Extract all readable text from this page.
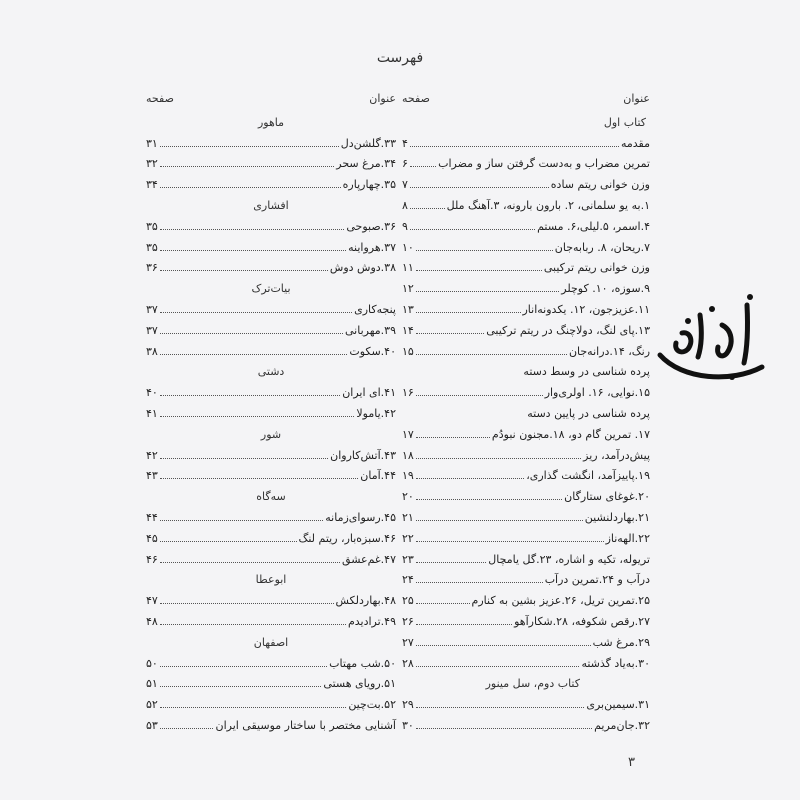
فهرست
عنوان
صفحه
کتاب اول
مقدمه
۴
تمرین مضراب و به‌دست گرفتن ساز و مضراب
۶
وزن خوانی ریتم ساده
۷
۱.به یو سلمانی، ۲. بارون بارونه، ۳.آهنگ ملل
۸
۴.اسمر، ۵.لیلی،۶. مستم
۹
۷.ریحان، ۸. ربابه‌جان
۱۰
وزن خوانی ریتم ترکیبی
۱۱
۹.سوزه، ۱۰. کوچلر
۱۲
۱۱.عزیزجون، ۱۲. یکدونه‌انار
۱۳
۱۳.پای لنگ، دولاچنگ در ریتم ترکیبی
۱۴
رنگ، ۱۴.درانه‌جان
۱۵
پرده شناسی در وسط دسته
۱۵.نوایی، ۱۶. اولری‌وار
۱۶
پرده شناسی در پایین دسته
۱۷. تمرین گام دو، ۱۸.مجنون نبودُم
۱۷
پیش‌درآمد، ریز
۱۸
۱۹.پاییزآمد، انگشت گذاری،
۱۹
۲۰.غوغای ستارگان
۲۰
۲۱.بهاردلنشین
۲۱
۲۲.الهه‌ناز
۲۲
تریوله، تکیه و اشاره، ۲۳.گل یامچال
۲۳
درآب و ۲۴.تمرین درآب
۲۴
۲۵.تمرین تریل، ۲۶.عزیز بشین به کنارم
۲۵
۲۷.رقص شکوفه، ۲۸.شکارآهو
۲۶
۲۹.مرغ شب
۲۷
۳۰.به‌یاد گذشته
۲۸
کتاب دوم، سل مینور
۳۱.سیمین‌بری
۲۹
۳۲.جان‌مریم
۳۰
عنوان
صفحه
ماهور
۳۳.گلشن‌دل
۳۱
۳۴.مرغ سحر
۳۲
۳۵.چهارپاره
۳۴
افشاری
۳۶.صبوحی
۳۵
۳۷.هرواینه
۳۵
۳۸.دوش دوش
۳۶
بیات‌ترک
پنجه‌کاری
۳۷
۳۹.مهربانی
۳۷
۴۰.سکوت
۳۸
دشتی
۴۱.ای ایران
۴۰
۴۲.یامولا
۴۱
شور
۴۳.آتش‌کاروان
۴۲
۴۴.آمان
۴۳
سه‌گاه
۴۵.رسوای‌زمانه
۴۴
۴۶.سبزه‌بار، ریتم لنگ
۴۵
۴۷.غم‌عشق
۴۶
ابوعطا
۴۸.بهاردلکش
۴۷
۴۹.ترادیدم
۴۸
اصفهان
۵۰.شب مهتاب
۵۰
۵۱.رویای هستی
۵۱
۵۲.بت‌چین
۵۲
آشنایی مختصر با ساختار موسیقی ایران
۵۳
۳
